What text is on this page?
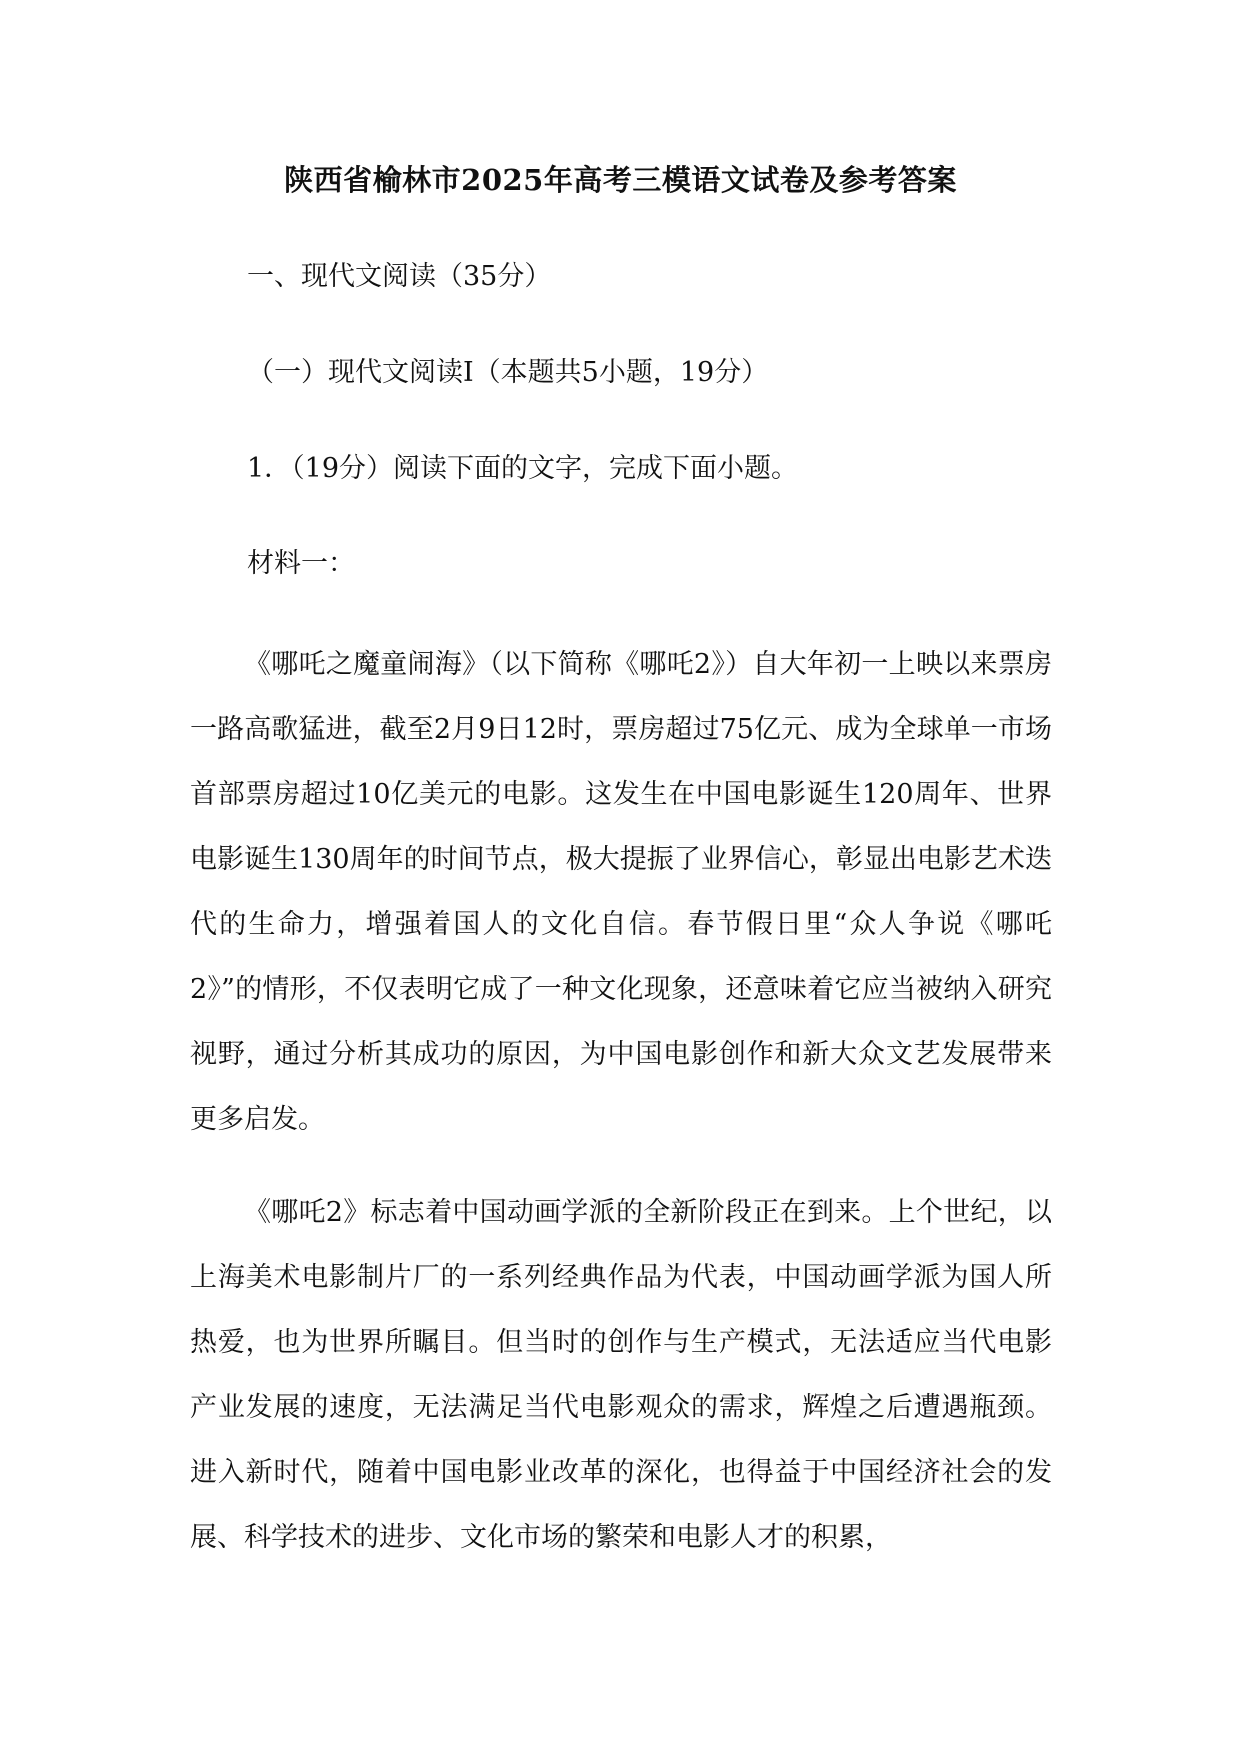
陕西省榆林市2025年高考三模语文试卷及参考答案
一、现代文阅读（35分）
（一）现代文阅读I（本题共5小题，19分）
1．（19分）阅读下面的文字，完成下面小题。
材料一：

《哪吒之魔童闹海》（以下简称《哪吒2》）自大年初一上映以来票房一路高歌猛进，截至2月9日12时，票房超过75亿元、成为全球单一市场首部票房超过10亿美元的电影。这发生在中国电影诞生120周年、世界电影诞生130周年的时间节点，极大提振了业界信心，彰显出电影艺术迭代的生命力，增强着国人的文化自信。春节假日里“众人争说《哪吒2》”的情形，不仅表明它成了一种文化现象，还意味着它应当被纳入研究视野，通过分析其成功的原因，为中国电影创作和新大众文艺发展带来更多启发。

《哪吒2》标志着中国动画学派的全新阶段正在到来。上个世纪，以上海美术电影制片厂的一系列经典作品为代表，中国动画学派为国人所热爱，也为世界所瞩目。但当时的创作与生产模式，无法适应当代电影产业发展的速度，无法满足当代电影观众的需求，辉煌之后遭遇瓶颈。进入新时代，随着中国电影业改革的深化，也得益于中国经济社会的发展、科学技术的进步、文化市场的繁荣和电影人才的积累，
